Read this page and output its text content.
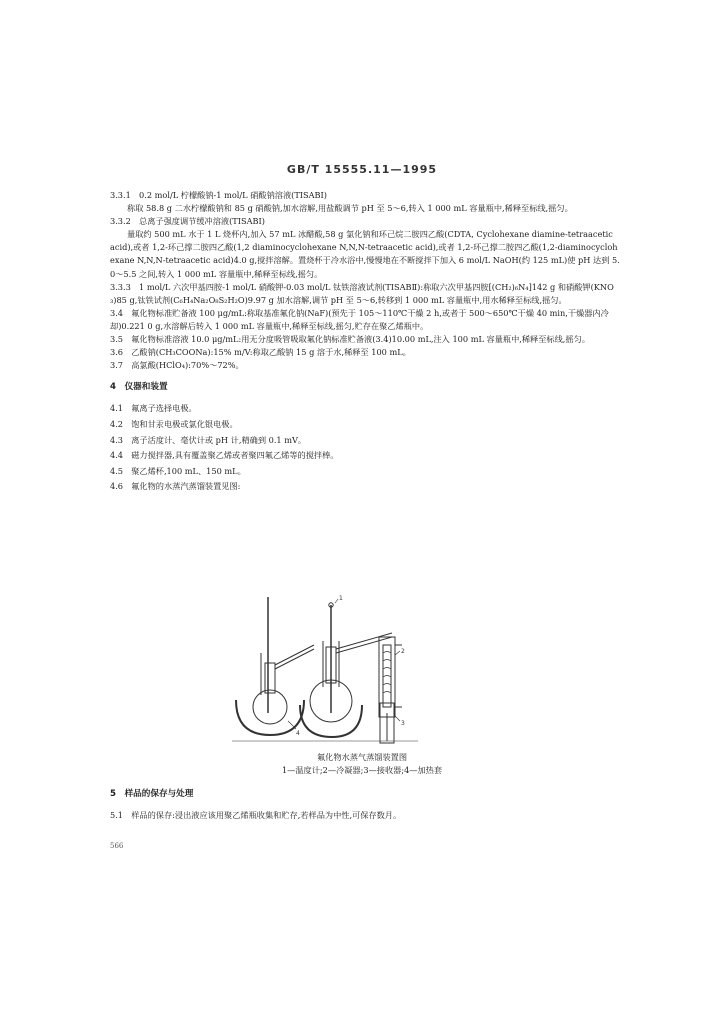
GB/T 15555.11—1995

3.3.1　0.2 mol/L 柠檬酸钠-1 mol/L 硝酸钠溶液(TISABⅠ)

称取 58.8 g 二水柠檬酸钠和 85 g 硝酸钠,加水溶解,用盐酸调节 pH 至 5～6,转入 1 000 mL 容量瓶中,稀释至标线,摇匀。

3.3.2　总离子强度调节缓冲溶液(TISABⅠ)

量取约 500 mL 水于 1 L 烧杯内,加入 57 mL 冰醋酸,58 g 氯化钠和环己烷二胺四乙酸(CDTA, Cyclohexane diamine-tetraacetic acid),或者 1,2-环己撑二胺四乙酸(1,2 diaminocyclohexane N,N,N-tetraacetic acid),或者 1,2-环己撑二胺四乙酸(1,2-diaminocyclohexane N,N,N-tetraacetic acid)4.0 g,搅拌溶解。置烧杯于冷水浴中,慢慢地在不断搅拌下加入 6 mol/L NaOH(约 125 mL)使 pH 达到 5.0～5.5 之间,转入 1 000 mL 容量瓶中,稀释至标线,摇匀。

3.3.3　1 mol/L 六次甲基四胺-1 mol/L 硝酸钾-0.03 mol/L 钛铁溶液试剂(TISABⅡ):称取六次甲基四胺[(CH₂)₆N₄]142 g 和硝酸钾(KNO₃)85 g,钛铁试剂(C₆H₄Na₂O₈S₂H₂O)9.97 g 加水溶解,调节 pH 至 5～6,转移到 1 000 mL 容量瓶中,用水稀释至标线,摇匀。

3.4　氟化物标准贮备液 100 μg/mL:称取基准氟化钠(NaF)(预先于 105～110℃干燥 2 h,或者于 500～650℃干燥 40 min,干燥器内冷却)0.221 0 g,水溶解后转入 1 000 mL 容量瓶中,稀释至标线,摇匀,贮存在聚乙烯瓶中。

3.5　氟化物标准溶液 10.0 μg/mL:用无分度吸管吸取氟化钠标准贮备液(3.4)10.00 mL,注入 100 mL 容量瓶中,稀释至标线,摇匀。

3.6　乙酸钠(CH₃COONa):15% m/V:称取乙酸钠 15 g 溶于水,稀释至 100 mL。

3.7　高氯酸(HClO₄):70%～72%。

4　仪器和装置

4.1　氟离子选择电极。

4.2　饱和甘汞电极或氯化银电极。

4.3　离子活度计、毫伏计或 pH 计,精确到 0.1 mV。

4.4　磁力搅拌器,具有覆盖聚乙烯或者聚四氟乙烯等的搅拌棒。

4.5　聚乙烯杯,100 mL、150 mL。

4.6　氟化物的水蒸汽蒸馏装置见图:

1
2
3
4
氟化物水蒸气蒸馏装置图
1—温度计;2—冷凝器;3—接收器;4—加热套
5　样品的保存与处理
5.1　样品的保存:浸出液应该用聚乙烯瓶收集和贮存,若样品为中性,可保存数月。
566
